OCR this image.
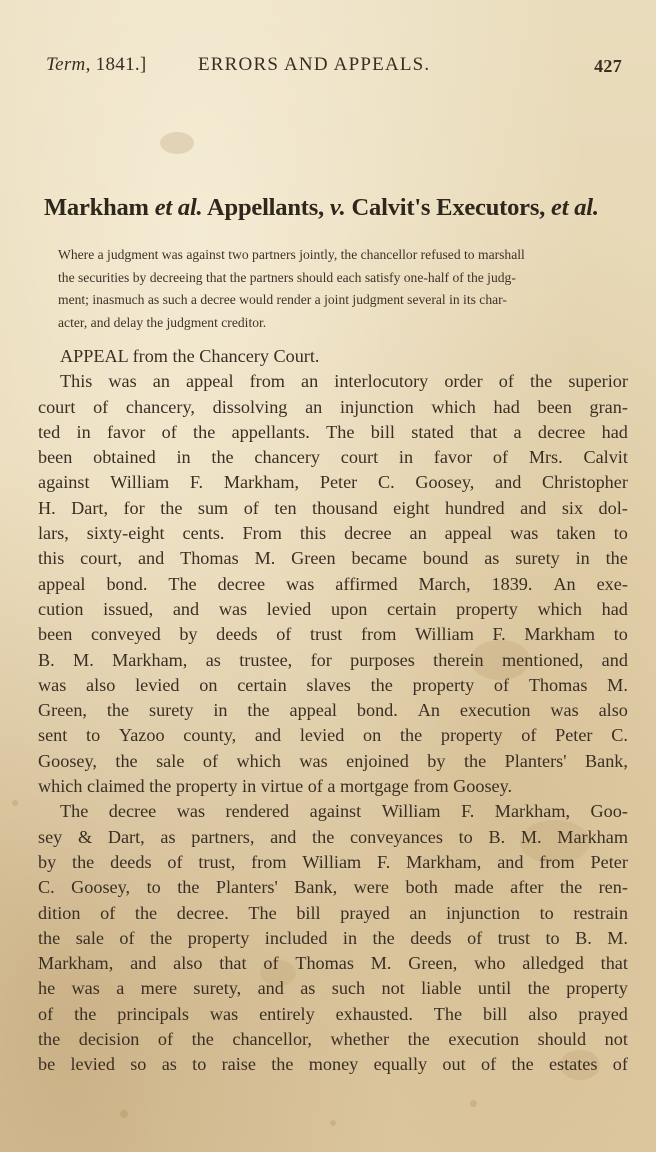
Term, 1841.]	ERRORS AND APPEALS.	427
Markham et al. Appellants, v. Calvit's Executors, et al.
Where a judgment was against two partners jointly, the chancellor refused to marshall
the securities by decreeing that the partners should each satisfy one-half of the judg-
ment; inasmuch as such a decree would render a joint judgment several in its char-
acter, and delay the judgment creditor.
APPEAL from the Chancery Court.
This was an appeal from an interlocutory order of the superior
court of chancery, dissolving an injunction which had been gran-
ted in favor of the appellants. The bill stated that a decree had
been obtained in the chancery court in favor of Mrs. Calvit
against William F. Markham, Peter C. Goosey, and Christopher
H. Dart, for the sum of ten thousand eight hundred and six dol-
lars, sixty-eight cents. From this decree an appeal was taken to
this court, and Thomas M. Green became bound as surety in the
appeal bond. The decree was affirmed March, 1839. An exe-
cution issued, and was levied upon certain property which had
been conveyed by deeds of trust from William F. Markham to
B. M. Markham, as trustee, for purposes therein mentioned, and
was also levied on certain slaves the property of Thomas M.
Green, the surety in the appeal bond. An execution was also
sent to Yazoo county, and levied on the property of Peter C.
Goosey, the sale of which was enjoined by the Planters' Bank,
which claimed the property in virtue of a mortgage from Goosey.
The decree was rendered against William F. Markham, Goo-
sey & Dart, as partners, and the conveyances to B. M. Markham
by the deeds of trust, from William F. Markham, and from Peter
C. Goosey, to the Planters' Bank, were both made after the ren-
dition of the decree. The bill prayed an injunction to restrain
the sale of the property included in the deeds of trust to B. M.
Markham, and also that of Thomas M. Green, who alledged that
he was a mere surety, and as such not liable until the property
of the principals was entirely exhausted. The bill also prayed
the decision of the chancellor, whether the execution should not
be levied so as to raise the money equally out of the estates of
